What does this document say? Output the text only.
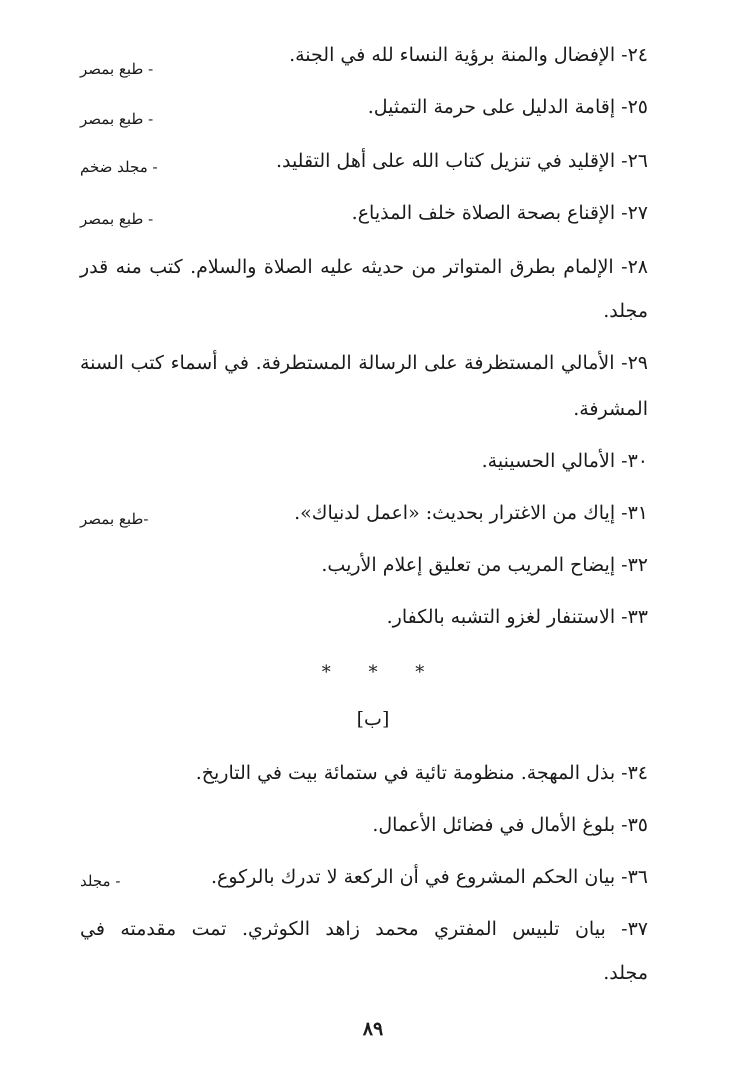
٢٤- الإفضال والمنة برؤية النساء لله في الجنة.
- طبع بمصر
٢٥- إقامة الدليل على حرمة التمثيل.
- طبع بمصر
٢٦- الإقليد في تنزيل كتاب الله على أهل التقليد.
- مجلد ضخم
٢٧- الإقناع بصحة الصلاة خلف المذياع.
- طبع بمصر
٢٨- الإلمام بطرق المتواتر من حديثه عليه الصلاة والسلام. كتب منه قدر
مجلد.
٢٩- الأمالي المستظرفة على الرسالة المستطرفة. في أسماء كتب السنة
المشرفة.
٣٠- الأمالي الحسينية.
٣١- إياك من الاغترار بحديث: «اعمل لدنياك».
-طبع بمصر
٣٢- إيضاح المريب من تعليق إعلام الأريب.
٣٣- الاستنفار لغزو التشبه بالكفار.
* * *
[ب]
٣٤- بذل المهجة. منظومة تائية في ستمائة بيت في التاريخ.
٣٥- بلوغ الأمال في فضائل الأعمال.
٣٦- بيان الحكم المشروع في أن الركعة لا تدرك بالركوع.
- مجلد
٣٧- بيان تلبيس المفتري محمد زاهد الكوثري. تمت مقدمته في
مجلد.
٨٩
